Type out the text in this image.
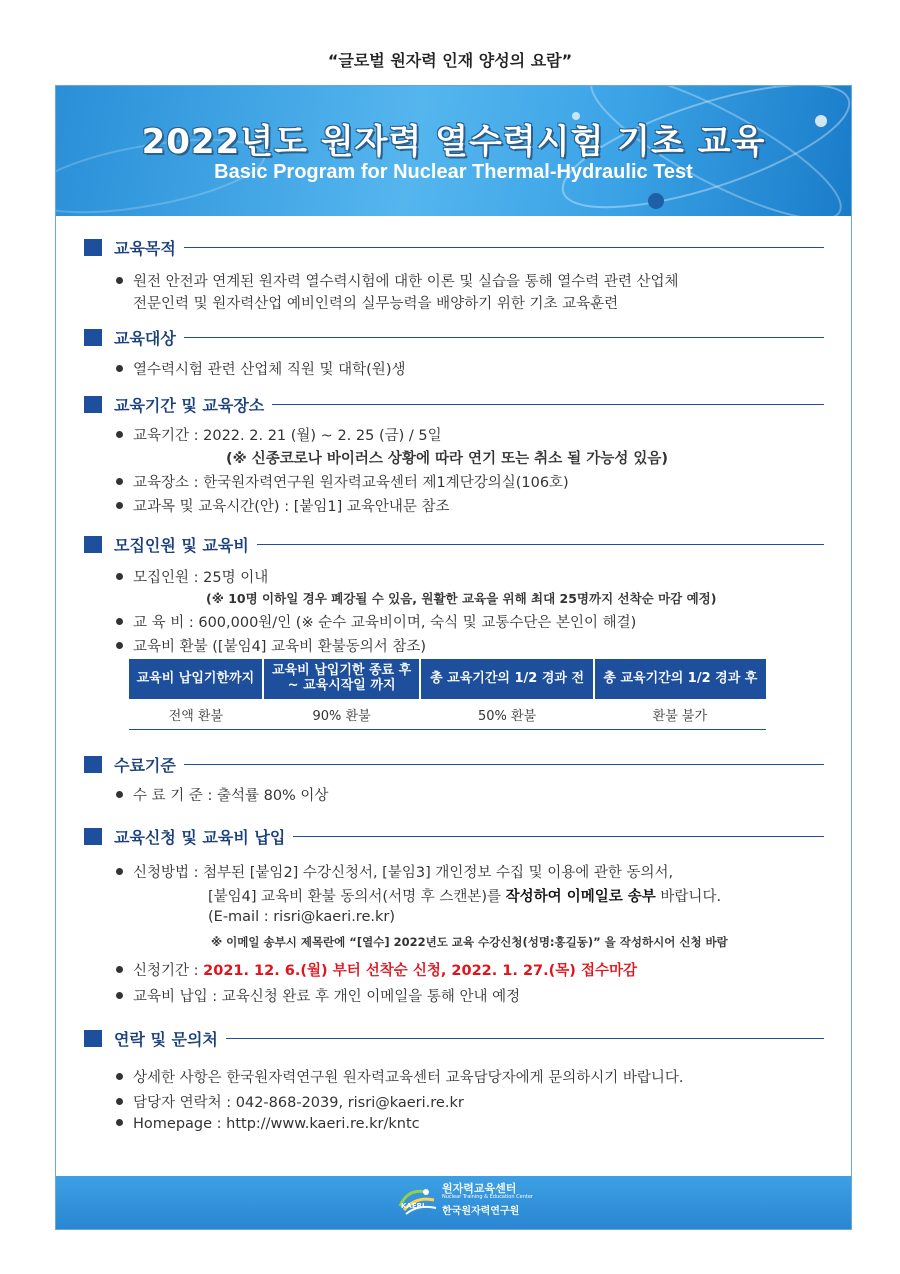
“글로벌 원자력 인재 양성의 요람”
2022년도 원자력 열수력시험 기초 교육
Basic Program for Nuclear Thermal-Hydraulic Test
교육목적
원전 안전과 연계된 원자력 열수력시험에 대한 이론 및 실습을 통해 열수력 관련 산업체
전문인력 및 원자력산업 예비인력의 실무능력을 배양하기 위한 기초 교육훈련
교육대상
열수력시험 관련 산업체 직원 및 대학(원)생
교육기간 및 교육장소
교육기간 : 2022. 2. 21 (월) ~ 2. 25 (금) / 5일
(※ 신종코로나 바이러스 상황에 따라 연기 또는 취소 될 가능성 있음)
교육장소 : 한국원자력연구원 원자력교육센터 제1계단강의실(106호)
교과목 및 교육시간(안) : [붙임1] 교육안내문 참조
모집인원 및 교육비
모집인원 : 25명 이내
(※ 10명 이하일 경우 폐강될 수 있음, 원활한 교육을 위해 최대 25명까지 선착순 마감 예정)
교 육 비 : 600,000원/인 (※ 순수 교육비이며, 숙식 및 교통수단은 본인이 해결)
교육비 환불 ([붙임4] 교육비 환불동의서 참조)
교육비 납입기한까지	교육비 납입기한 종료 후
~ 교육시작일 까지	총 교육기간의 1/2 경과 전	총 교육기간의 1/2 경과 후
전액 환불	90% 환불	50% 환불	환불 불가
수료기준
수 료 기 준 : 출석률 80% 이상
교육신청 및 교육비 납입
신청방법 : 첨부된 [붙임2] 수강신청서, [붙임3] 개인정보 수집 및 이용에 관한 동의서,
[붙임4] 교육비 환불 동의서(서명 후 스캔본)를 작성하여 이메일로 송부 바랍니다.
(E-mail : risri@kaeri.re.kr)
※ 이메일 송부시 제목란에 “[열수] 2022년도 교육 수강신청(성명:홍길동)” 을 작성하시어 신청 바람
신청기간 : 2021. 12. 6.(월) 부터 선착순 신청, 2022. 1. 27.(목) 접수마감
교육비 납입 : 교육신청 완료 후 개인 이메일을 통해 안내 예정
연락 및 문의처
상세한 사항은 한국원자력연구원 원자력교육센터 교육담당자에게 문의하시기 바랍니다.
담당자 연락처 : 042-868-2039, risri@kaeri.re.kr
Homepage : http://www.kaeri.re.kr/kntc
원자력교육센터
Nuclear Training & Education Center
KAERI 한국원자력연구원
